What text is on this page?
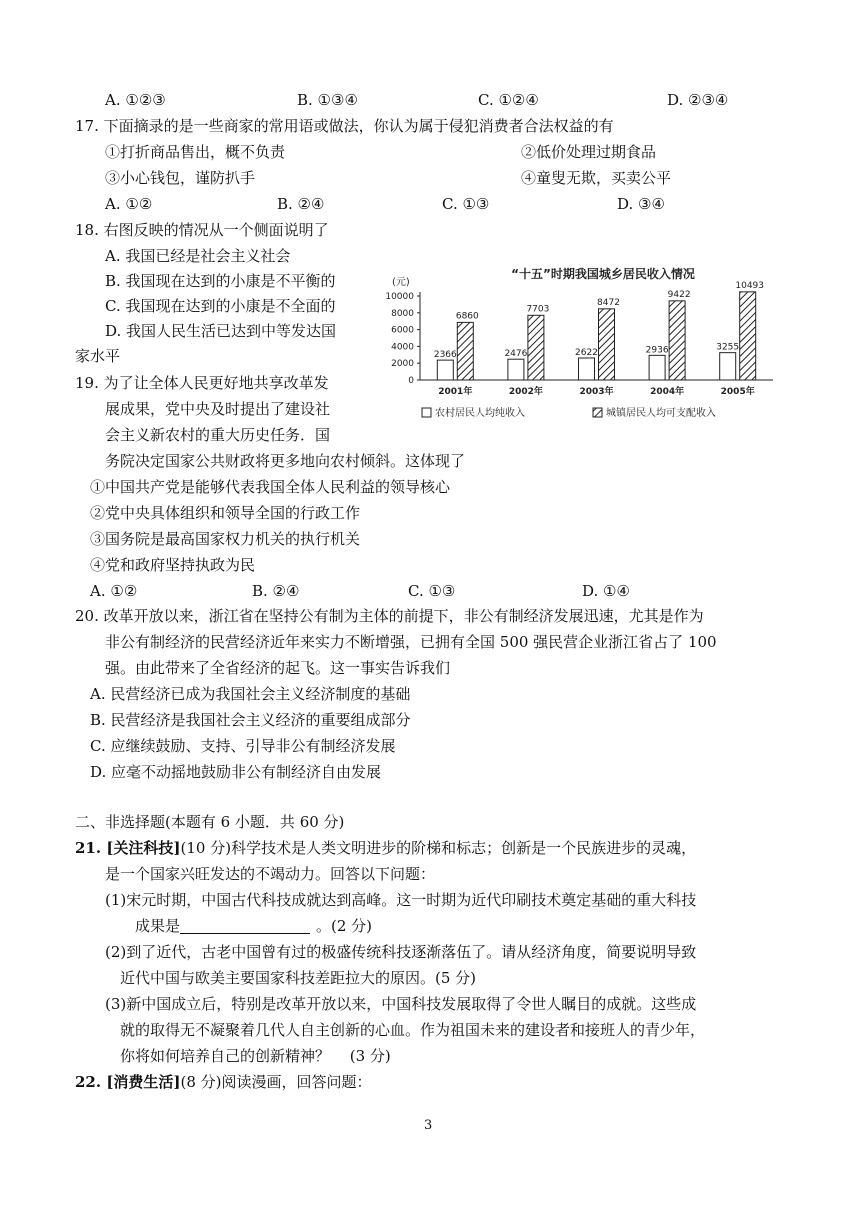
A. ①②③	B. ①③④	C. ①②④	D. ②③④
17. 下面摘录的是一些商家的常用语或做法，你认为属于侵犯消费者合法权益的有
①打折商品售出，概不负责	②低价处理过期食品
③小心钱包，谨防扒手	④童叟无欺，买卖公平
A. ①②	B. ②④	C. ①③	D. ③④
18. 右图反映的情况从一个侧面说明了
A. 我国已经是社会主义社会
B. 我国现在达到的小康是不平衡的
C. 我国现在达到的小康是不全面的
D. 我国人民生活已达到中等发达国
家水平
19. 为了让全体人民更好地共享改革发
展成果，党中央及时提出了建设社
会主义新农村的重大历史任务．国
务院决定国家公共财政将更多地向农村倾斜。这体现了
①中国共产党是能够代表我国全体人民利益的领导核心
②党中央具体组织和领导全国的行政工作
③国务院是最高国家权力机关的执行机关
④党和政府坚持执政为民
A. ①②	B. ②④	C. ①③	D. ①④
20. 改革开放以来，浙江省在坚持公有制为主体的前提下，非公有制经济发展迅速，尤其是作为
非公有制经济的民营经济近年来实力不断增强，已拥有全国 500 强民营企业浙江省占了 100
强。由此带来了全省经济的起飞。这一事实告诉我们
A. 民营经济已成为我国社会主义经济制度的基础
B. 民营经济是我国社会主义经济的重要组成部分
C. 应继续鼓励、支持、引导非公有制经济发展
D. 应毫不动摇地鼓励非公有制经济自由发展
二、非选择题(本题有 6 小题．共 60 分)
21. [关注科技](10 分)科学技术是人类文明进步的阶梯和标志；创新是一个民族进步的灵魂，
是一个国家兴旺发达的不竭动力。回答以下问题：
(1)宋元时期，中国古代科技成就达到高峰。这一时期为近代印刷技术奠定基础的重大科技
成果是	。(2 分)
(2)到了近代，古老中国曾有过的极盛传统科技逐渐落伍了。请从经济角度，简要说明导致
近代中国与欧美主要国家科技差距拉大的原因。(5 分)
(3)新中国成立后，特别是改革开放以来，中国科技发展取得了令世人瞩目的成就。这些成
就的取得无不凝聚着几代人自主创新的心血。作为祖国未来的建设者和接班人的青少年，
你将如何培养自己的创新精神？　 (3 分)
22. [消费生活](8 分)阅读漫画，回答问题：
3
“十五”时期我国城乡居民收入情况
(元)
0
2000
4000
6000
8000
10000
2366
6860
2001年
2476
7703
2002年
2622
8472
2003年
2936
9422
2004年
3255
10493
2005年
农村居民人均纯收入	城镇居民人均可支配收入
